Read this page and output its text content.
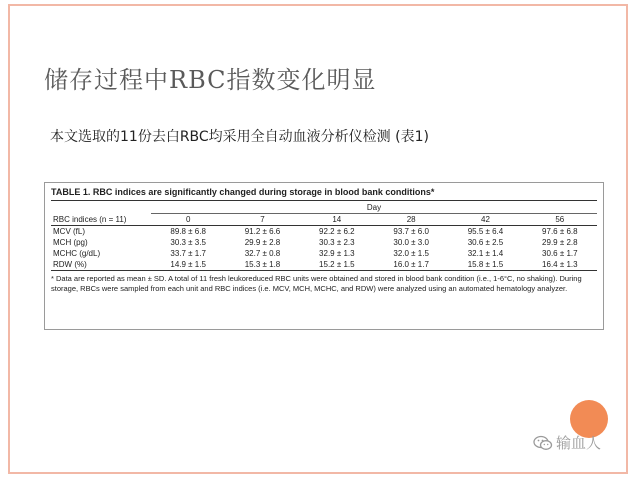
储存过程中RBC指数变化明显
本文选取的11份去白RBC均采用全自动血液分析仪检测 (表1)
TABLE 1. RBC indices are significantly changed during storage in blood bank conditions*
Day
RBC indices (n = 11)	0	7	14	28	42	56
MCV (fL)	89.8 ± 6.8	91.2 ± 6.6	92.2 ± 6.2	93.7 ± 6.0	95.5 ± 6.4	97.6 ± 6.8
MCH (pg)	30.3 ± 3.5	29.9 ± 2.8	30.3 ± 2.3	30.0 ± 3.0	30.6 ± 2.5	29.9 ± 2.8
MCHC (g/dL)	33.7 ± 1.7	32.7 ± 0.8	32.9 ± 1.3	32.0 ± 1.5	32.1 ± 1.4	30.6 ± 1.7
RDW (%)	14.9 ± 1.5	15.3 ± 1.8	15.2 ± 1.5	16.0 ± 1.7	15.8 ± 1.5	16.4 ± 1.3
* Data are reported as mean ± SD. A total of 11 fresh leukoreduced RBC units were obtained and stored in blood bank condition (i.e., 1-6°C, no shaking). During storage, RBCs were sampled from each unit and RBC indices (i.e. MCV, MCH, MCHC, and RDW) were analyzed using an automated hematology analyzer.
输血人
